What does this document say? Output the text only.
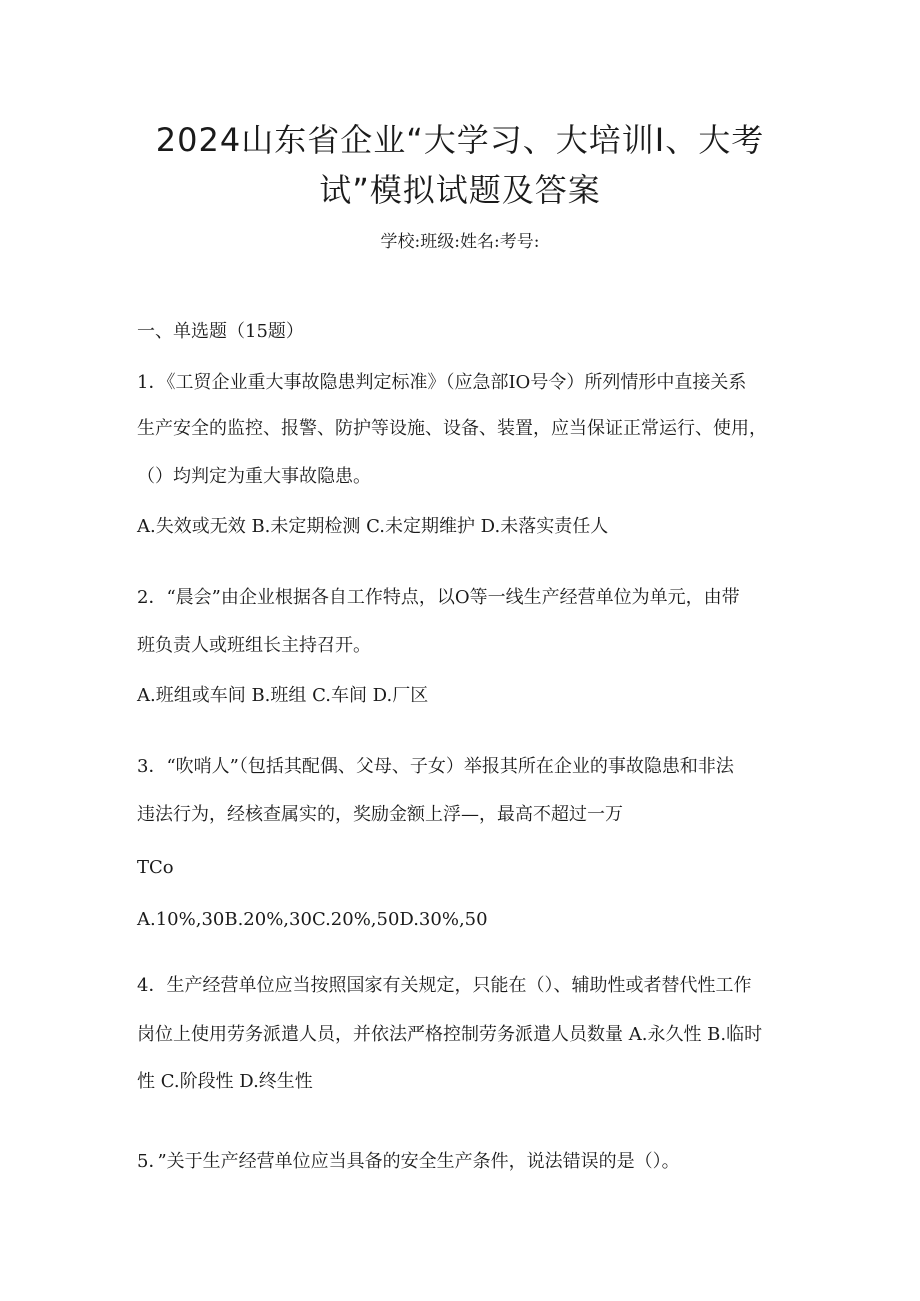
2024山东省企业“大学习、大培训I、大考
试”模拟试题及答案
学校:班级:姓名:考号:
一、单选题（15题）
1．《工贸企业重大事故隐患判定标准》（应急部IO号令）所列情形中直接关系
生产安全的监控、报警、防护等设施、设备、装置，应当保证正常运行、使用，
（）均判定为重大事故隐患。
A.失效或无效 B.未定期检测 C.未定期维护 D.未落实责任人
2．“晨会”由企业根据各自工作特点，以O等一线生产经营单位为单元，由带
班负责人或班组长主持召开。
A.班组或车间 B.班组 C.车间 D.厂区
3．“吹哨人”（包括其配偶、父母、子女）举报其所在企业的事故隐患和非法
违法行为，经核查属实的，奖励金额上浮—，最高不超过一万
TCo
A.10%,30B.20%,30C.20%,50D.30%,50
4．生产经营单位应当按照国家有关规定，只能在（）、辅助性或者替代性工作
岗位上使用劳务派遣人员，并依法严格控制劳务派遣人员数量 A.永久性 B.临时
性 C.阶段性 D.终生性
5．”关于生产经营单位应当具备的安全生产条件，说法错误的是（）。
